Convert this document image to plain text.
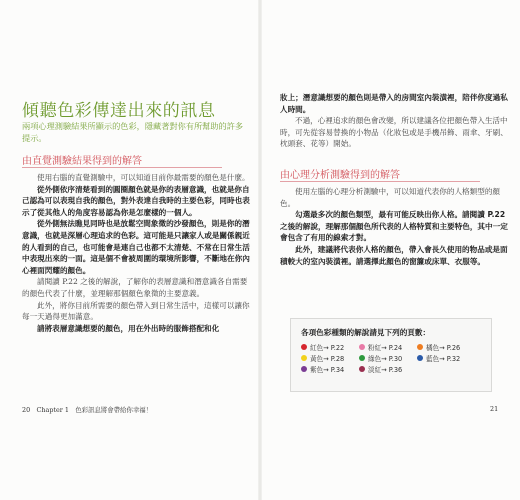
傾聽色彩傳達出來的訊息
兩項心理測驗結果所顯示的色彩，隱藏著對你有所幫助的許多提示。
由直覺測驗結果得到的解答

使用右腦的直覺測驗中，可以知道目前你最需要的顏色是什麼。

從外側依序清楚看到的圓圈顏色就是你的表層意識，也就是你自己認為可以表現自我的顏色，對外表達自我時的主要色彩，同時也表示了從其他人的角度容易認為你是怎麼樣的一個人。

從外側無法瞧見同時也是放鬆空間象徵的沙發顏色，則是你的潛意識，也就是深層心理追求的色彩。這可能是只讓家人或是關係親近的人看到的自己，也可能會是連自己也都不太清楚、不常在日常生活中表現出來的一面。這是個不會被周圍的環境所影響，不斷地在你內心裡面閃耀的顏色。

請閱讀 P.22 之後的解說，了解你的表層意識和潛意識各自需要的顏色代表了什麼，並理解那個顏色象徵的主要意義。

此外，將你目前所需要的顏色帶入到日常生活中，這樣可以讓你每一天過得更加滿意。

請將表層意識想要的顏色，用在外出時的服飾搭配和化

20　Chapter 1　色彩訊息將會帶給你幸福！

妝上；潛意識想要的顏色則是帶入的房間室內裝潢裡，陪伴你度過私人時間。

不過，心裡追求的顏色會改變，所以建議各位把顏色帶入生活中時，可先從容易替換的小物品（化妝包或是手機吊飾、雨傘、牙刷、枕頭套、花等）開始。

由心理分析測驗得到的解答

使用左腦的心理分析測驗中，可以知道代表你的人格類型的顏色。

勾選最多次的顏色類型，最有可能反映出你人格。請閱讀 P.22 之後的解說，理解那個顏色所代表的人格特質和主要特色，其中一定會包含了有用的線索才對。

此外，建議將代表你人格的顏色，帶入會長久使用的物品或是面積較大的室內裝潢裡。請選擇此顏色的窗簾或床單、衣服等。

各項色彩種類的解說請見下列的頁數：
紅色→ P.22	粉紅→ P.24	橘色→ P.26
黃色→ P.28	綠色→ P.30	藍色→ P.32
紫色→ P.34	淡紅→ P.36
21
